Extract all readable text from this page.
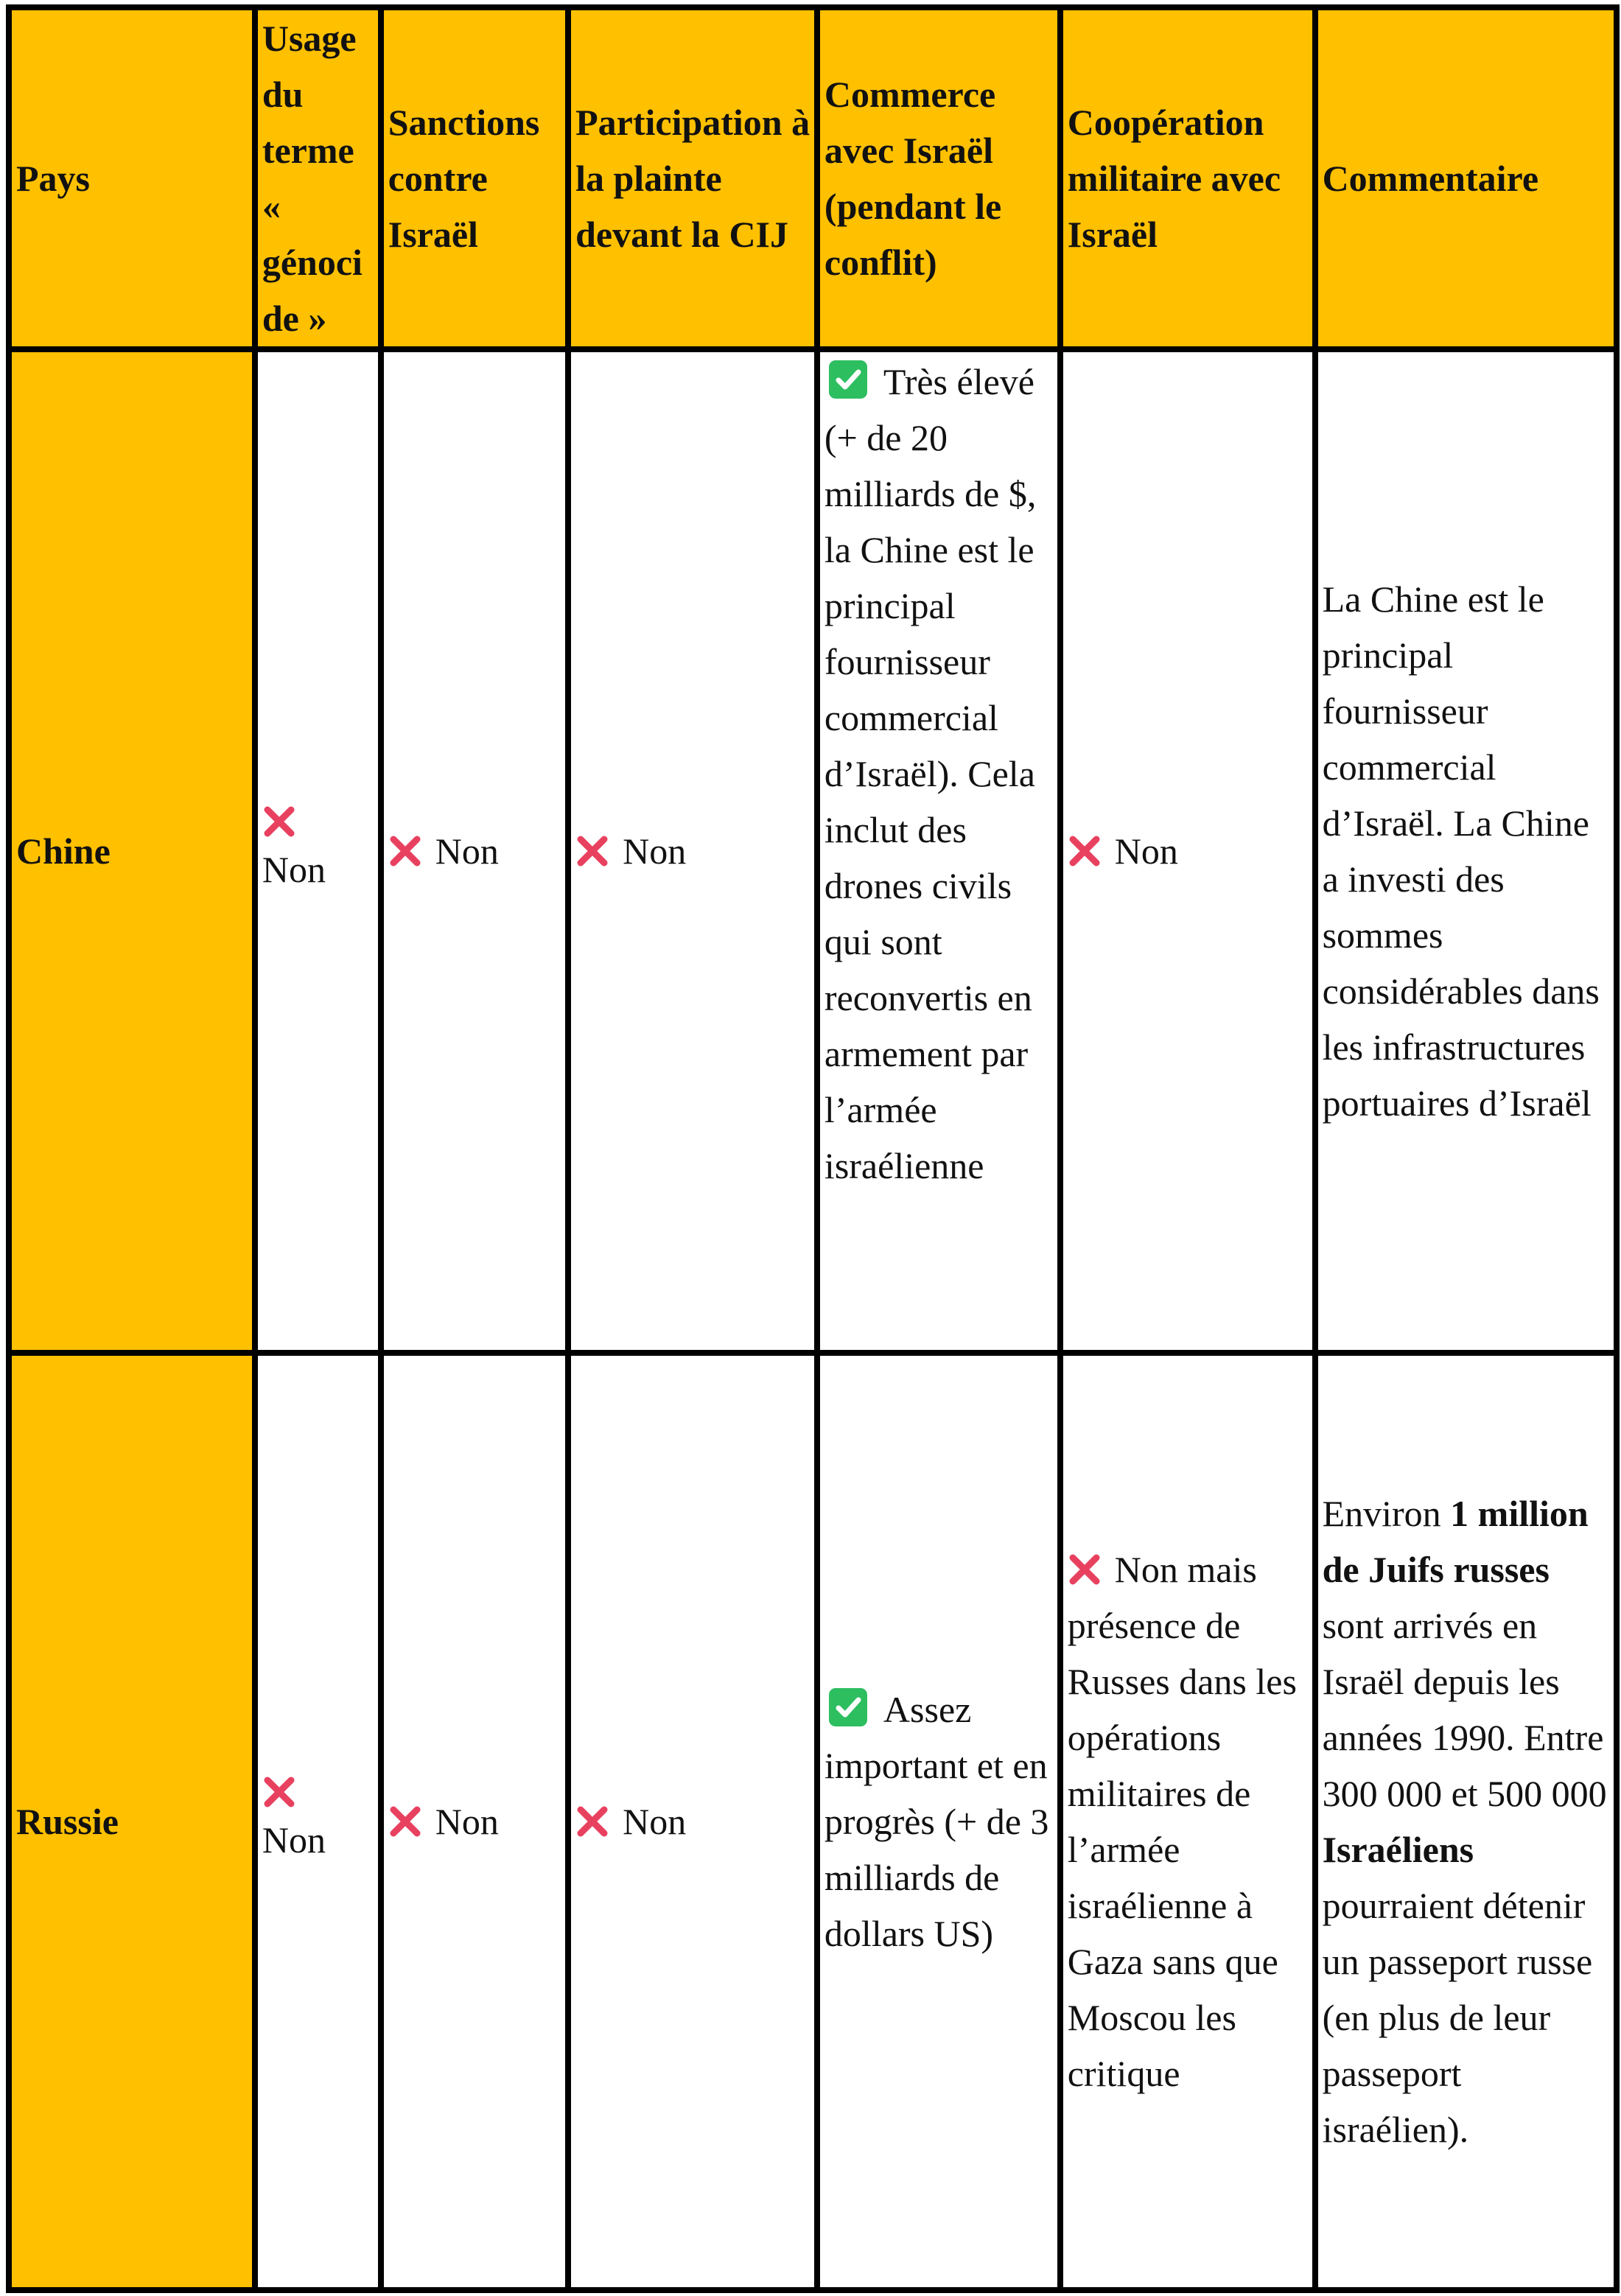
Pays	Usage du terme « génocide »	Sanctions contre Israël	Participation à la plainte devant la CIJ	Commerce avec Israël (pendant le conflit)	Coopération militaire avec Israël	Commentaire
Chine	Non	Non	Non	Très élevé (+ de 20 milliards de $, la Chine est le principal fournisseur commercial d’Israël). Cela inclut des drones civils qui sont reconvertis en armement par l’armée israélienne	Non	La Chine est le principal fournisseur commercial d’Israël. La Chine a investi des sommes considérables dans les infrastructures portuaires d’Israël
Russie	Non	Non	Non	Assez important et en progrès (+ de 3 milliards de dollars US)	Non mais présence de Russes dans les opérations militaires de l’armée israélienne à Gaza sans que Moscou les critique	Environ 1 million de Juifs russes sont arrivés en Israël depuis les années 1990. Entre 300 000 et 500 000 Israéliens pourraient détenir un passeport russe (en plus de leur passeport israélien).
